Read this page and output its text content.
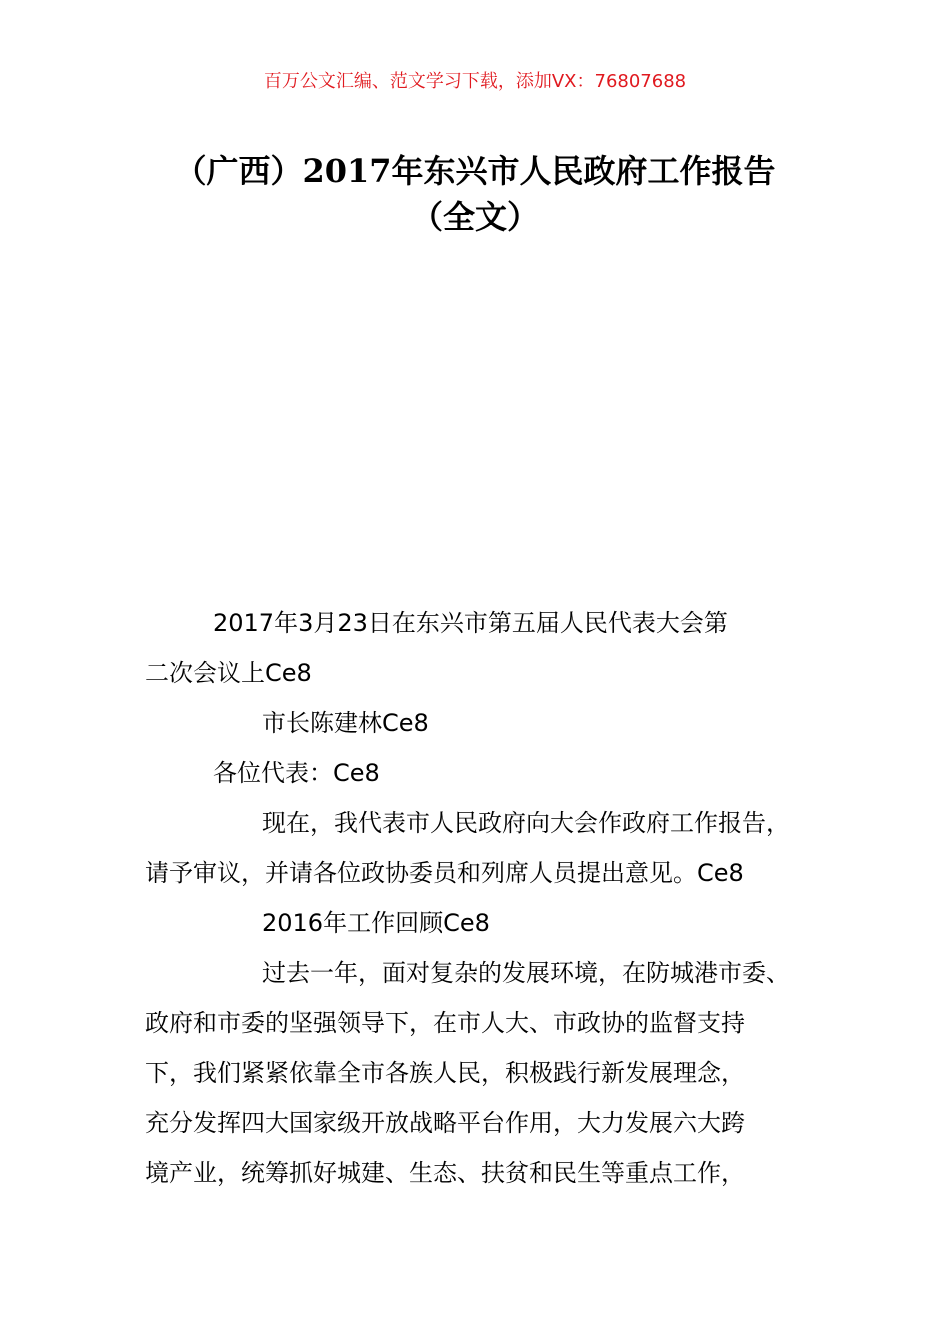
百万公文汇编、范文学习下载，添加VX：76807688
（广西）2017年东兴市人民政府工作报告
（全文）
2017年3月23日在东兴市第五届人民代表大会第
二次会议上Ce8
市长陈建林Ce8
各位代表：Ce8
现在，我代表市人民政府向大会作政府工作报告，
请予审议，并请各位政协委员和列席人员提出意见。Ce8
2016年工作回顾Ce8
过去一年，面对复杂的发展环境，在防城港市委、
政府和市委的坚强领导下，在市人大、市政协的监督支持
下，我们紧紧依靠全市各族人民，积极践行新发展理念，
充分发挥四大国家级开放战略平台作用，大力发展六大跨
境产业，统筹抓好城建、生态、扶贫和民生等重点工作，
